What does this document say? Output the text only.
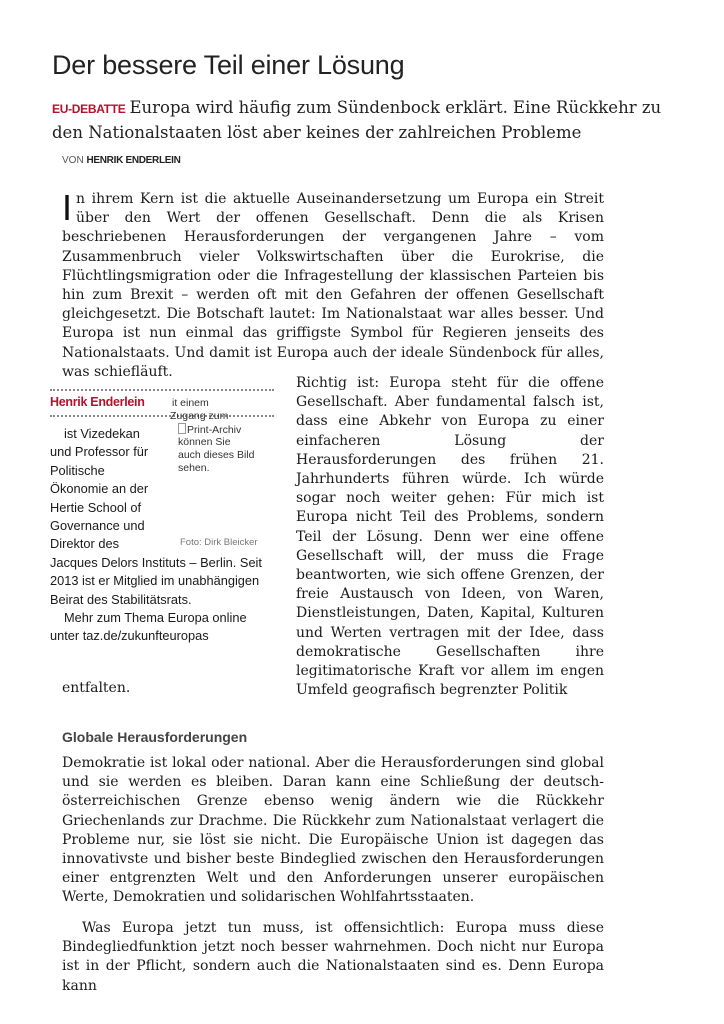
Der bessere Teil einer Lösung

EU-DEBATTE Europa wird häufig zum Sündenbock erklärt. Eine Rückkehr zu den Nationalstaaten löst aber keines der zahlreichen Probleme

VON HENRIK ENDERLEIN

In ihrem Kern ist die aktuelle Auseinandersetzung um Europa ein Streit über den Wert der offenen Gesellschaft. Denn die als Krisen beschriebenen Herausforderungen der vergangenen Jahre – vom Zusammenbruch vieler Volkswirtschaften über die Eurokrise, die Flüchtlingsmigration oder die Infragestellung der klassischen Parteien bis hin zum Brexit – werden oft mit den Gefahren der offenen Gesellschaft gleichgesetzt. Die Botschaft lautet: Im Nationalstaat war alles besser. Und Europa ist nun einmal das griffigste Symbol für Regieren jenseits des Nationalstaats. Und damit ist Europa auch der ideale Sündenbock für alles, was schiefläuft.

Henrik Enderlein	it einem
Zugang zum
Print-Archiv
können Sie
auch dieses Bild
sehen.
Foto: Dirk Bleicker
ist Vizedekan
und Professor für
Politische
Ökonomie an der
Hertie School of
Governance und
Direktor des
Jacques Delors Instituts – Berlin. Seit
2013 ist er Mitglied im unabhängigen
Beirat des Stabilitätsrats.
Mehr zum Thema Europa online
unter taz.de/zukunfteuropas

Richtig ist: Europa steht für die offene Gesellschaft. Aber fundamental falsch ist, dass eine Abkehr von Europa zu einer einfacheren Lösung der Herausforderungen des frühen 21. Jahrhunderts führen würde. Ich würde sogar noch weiter gehen: Für mich ist Europa nicht Teil des Problems, sondern Teil der Lösung. Denn wer eine offene Gesellschaft will, der muss die Frage beantworten, wie sich offene Grenzen, der freie Austausch von Ideen, von Waren, Dienstleistungen, Daten, Kapital, Kulturen und Werten vertragen mit der Idee, dass demokratische Gesellschaften ihre legitimatorische Kraft vor allem im engen Umfeld geografisch begrenzter Politik

entfalten.

Globale Herausforderungen

Demokratie ist lokal oder national. Aber die Herausforderungen sind global und sie werden es bleiben. Daran kann eine Schließung der deutsch-österreichischen Grenze ebenso wenig ändern wie die Rückkehr Griechenlands zur Drachme. Die Rückkehr zum Nationalstaat verlagert die Probleme nur, sie löst sie nicht. Die Europäische Union ist dagegen das innovativste und bisher beste Bindeglied zwischen den Herausforderungen einer entgrenzten Welt und den Anforderungen unserer europäischen Werte, Demokratien und solidarischen Wohlfahrtsstaaten.

Was Europa jetzt tun muss, ist offensichtlich: Europa muss diese Bindegliedfunktion jetzt noch besser wahrnehmen. Doch nicht nur Europa ist in der Pflicht, sondern auch die Nationalstaaten sind es. Denn Europa kann
